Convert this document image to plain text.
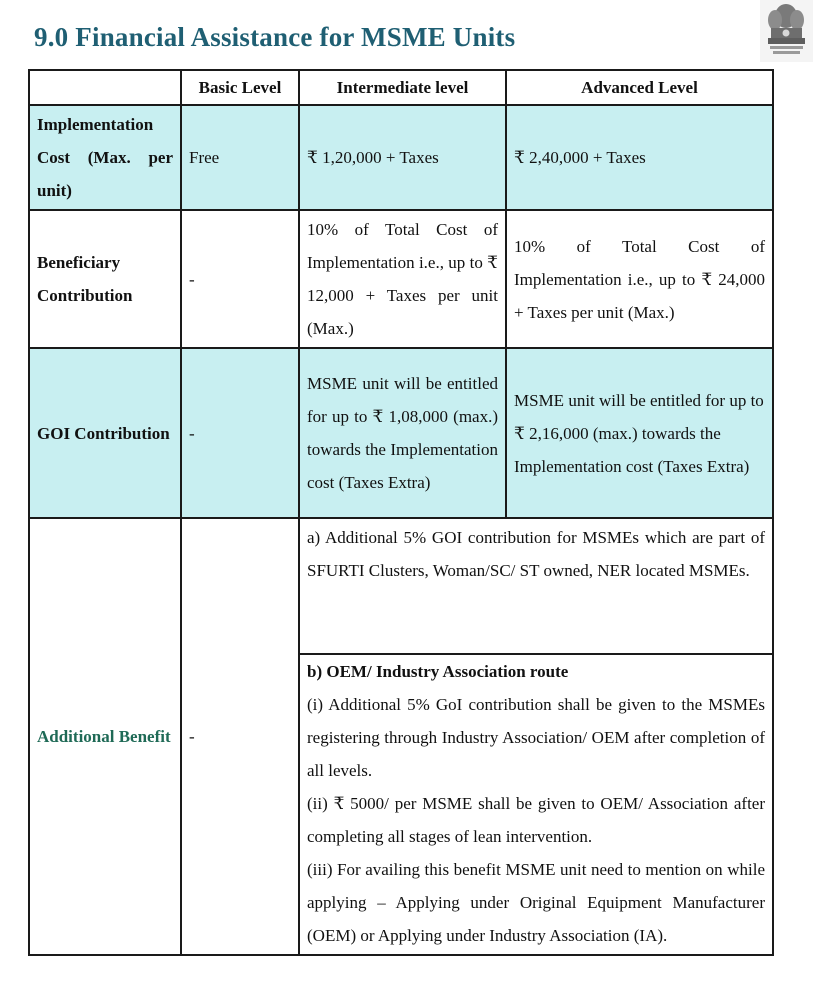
9.0 Financial Assistance for MSME Units
	Basic Level	Intermediate level	Advanced Level
Implementation Cost (Max. per unit)	Free	₹ 1,20,000 + Taxes	₹ 2,40,000 + Taxes
Beneficiary Contribution	-	10% of Total Cost of Implementation i.e., up to ₹ 12,000 + Taxes per unit (Max.)	10% of Total Cost of Implementation i.e., up to ₹ 24,000 + Taxes per unit (Max.)
GOI Contribution	-	MSME unit will be entitled for up to ₹ 1,08,000 (max.) towards the Implementation cost (Taxes Extra)	MSME unit will be entitled for up to ₹ 2,16,000 (max.) towards the Implementation cost (Taxes Extra)
Additional Benefit	-	a) Additional 5% GOI contribution for MSMEs which are part of SFURTI Clusters, Woman/SC/ ST owned, NER located MSMEs.	

		b) OEM/ Industry Association route
(i) Additional 5% GoI contribution shall be given to the MSMEs registering through Industry Association/ OEM after completion of all levels.
(ii) ₹ 5000/ per MSME shall be given to OEM/ Association after completing all stages of lean intervention.
(iii) For availing this benefit MSME unit need to mention on while applying – Applying under Original Equipment Manufacturer (OEM) or Applying under Industry Association (IA).	
